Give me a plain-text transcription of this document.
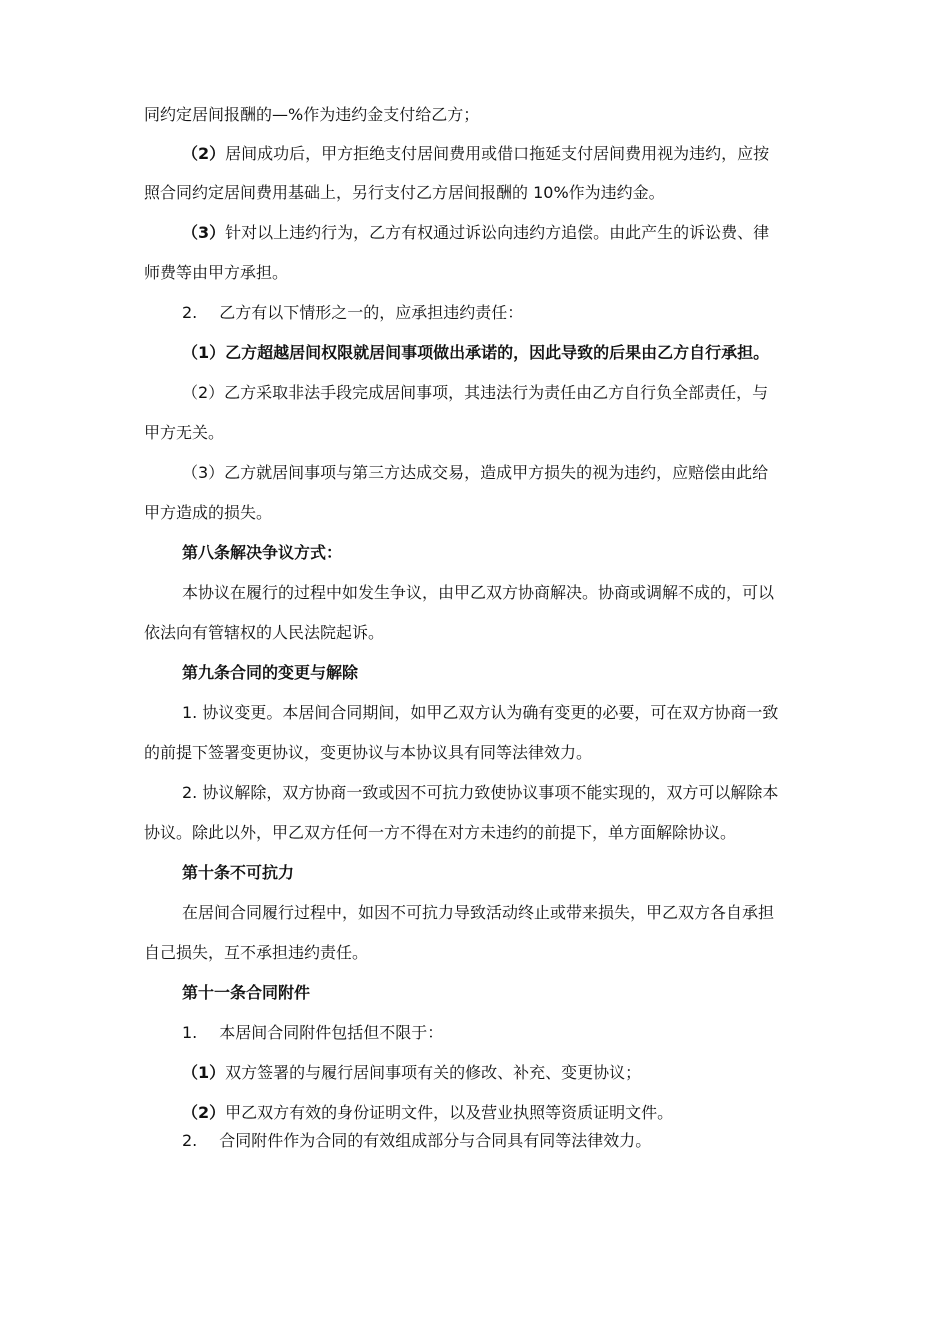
同约定居间报酬的—%作为违约金支付给乙方；
（2）居间成功后，甲方拒绝支付居间费用或借口拖延支付居间费用视为违约，应按
照合同约定居间费用基础上，另行支付乙方居间报酬的 10%作为违约金。
（3）针对以上违约行为，乙方有权通过诉讼向违约方追偿。由此产生的诉讼费、律
师费等由甲方承担。
2. 乙方有以下情形之一的，应承担违约责任：
（1）乙方超越居间权限就居间事项做出承诺的，因此导致的后果由乙方自行承担。
（2）乙方采取非法手段完成居间事项，其违法行为责任由乙方自行负全部责任，与
甲方无关。
（3）乙方就居间事项与第三方达成交易，造成甲方损失的视为违约，应赔偿由此给
甲方造成的损失。
第八条解决争议方式：
本协议在履行的过程中如发生争议，由甲乙双方协商解决。协商或调解不成的，可以
依法向有管辖权的人民法院起诉。
第九条合同的变更与解除
1. 协议变更。本居间合同期间，如甲乙双方认为确有变更的必要，可在双方协商一致
的前提下签署变更协议，变更协议与本协议具有同等法律效力。
2. 协议解除，双方协商一致或因不可抗力致使协议事项不能实现的，双方可以解除本
协议。除此以外，甲乙双方任何一方不得在对方未违约的前提下，单方面解除协议。
第十条不可抗力
在居间合同履行过程中，如因不可抗力导致活动终止或带来损失，甲乙双方各自承担
自己损失，互不承担违约责任。
第十一条合同附件
1. 本居间合同附件包括但不限于：
（1）双方签署的与履行居间事项有关的修改、补充、变更协议；
（2）甲乙双方有效的身份证明文件，以及营业执照等资质证明文件。
2. 合同附件作为合同的有效组成部分与合同具有同等法律效力。
